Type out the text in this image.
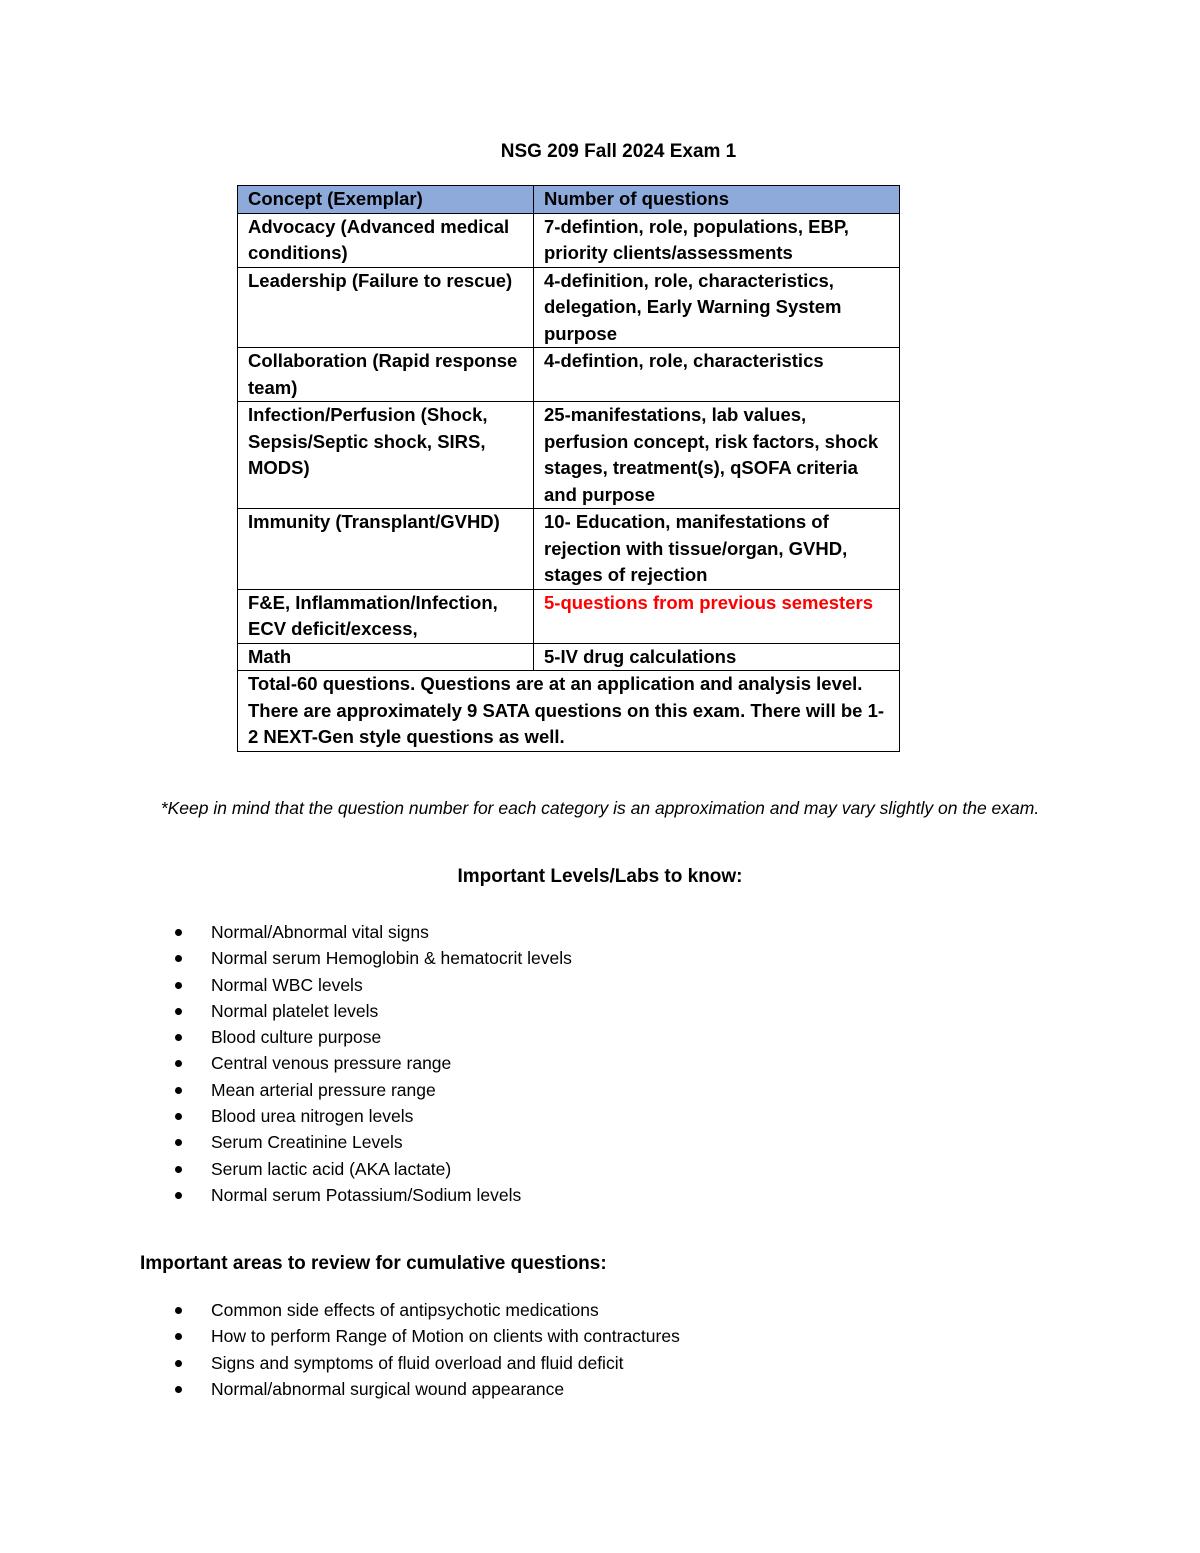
NSG 209 Fall 2024 Exam 1
Concept (Exemplar)	Number of questions
Advocacy (Advanced medical conditions)	7-defintion, role, populations, EBP, priority clients/assessments
Leadership (Failure to rescue)	4-definition, role, characteristics, delegation, Early Warning System purpose
Collaboration (Rapid response team)	4-defintion, role, characteristics
Infection/Perfusion (Shock, Sepsis/Septic shock, SIRS, MODS)	25-manifestations, lab values, perfusion concept, risk factors, shock stages, treatment(s), qSOFA criteria and purpose
Immunity (Transplant/GVHD)	10- Education, manifestations of rejection with tissue/organ, GVHD, stages of rejection
F&E, Inflammation/Infection, ECV deficit/excess,	5-questions from previous semesters
Math	5-IV drug calculations
Total-60 questions. Questions are at an application and analysis level. There are approximately 9 SATA questions on this exam. There will be 1-2 NEXT-Gen style questions as well.	
*Keep in mind that the question number for each category is an approximation and may vary slightly on the exam.
Important Levels/Labs to know:
Normal/Abnormal vital signs
Normal serum Hemoglobin & hematocrit levels
Normal WBC levels
Normal platelet levels
Blood culture purpose
Central venous pressure range
Mean arterial pressure range
Blood urea nitrogen levels
Serum Creatinine Levels
Serum lactic acid (AKA lactate)
Normal serum Potassium/Sodium levels
Important areas to review for cumulative questions:
Common side effects of antipsychotic medications
How to perform Range of Motion on clients with contractures
Signs and symptoms of fluid overload and fluid deficit
Normal/abnormal surgical wound appearance
